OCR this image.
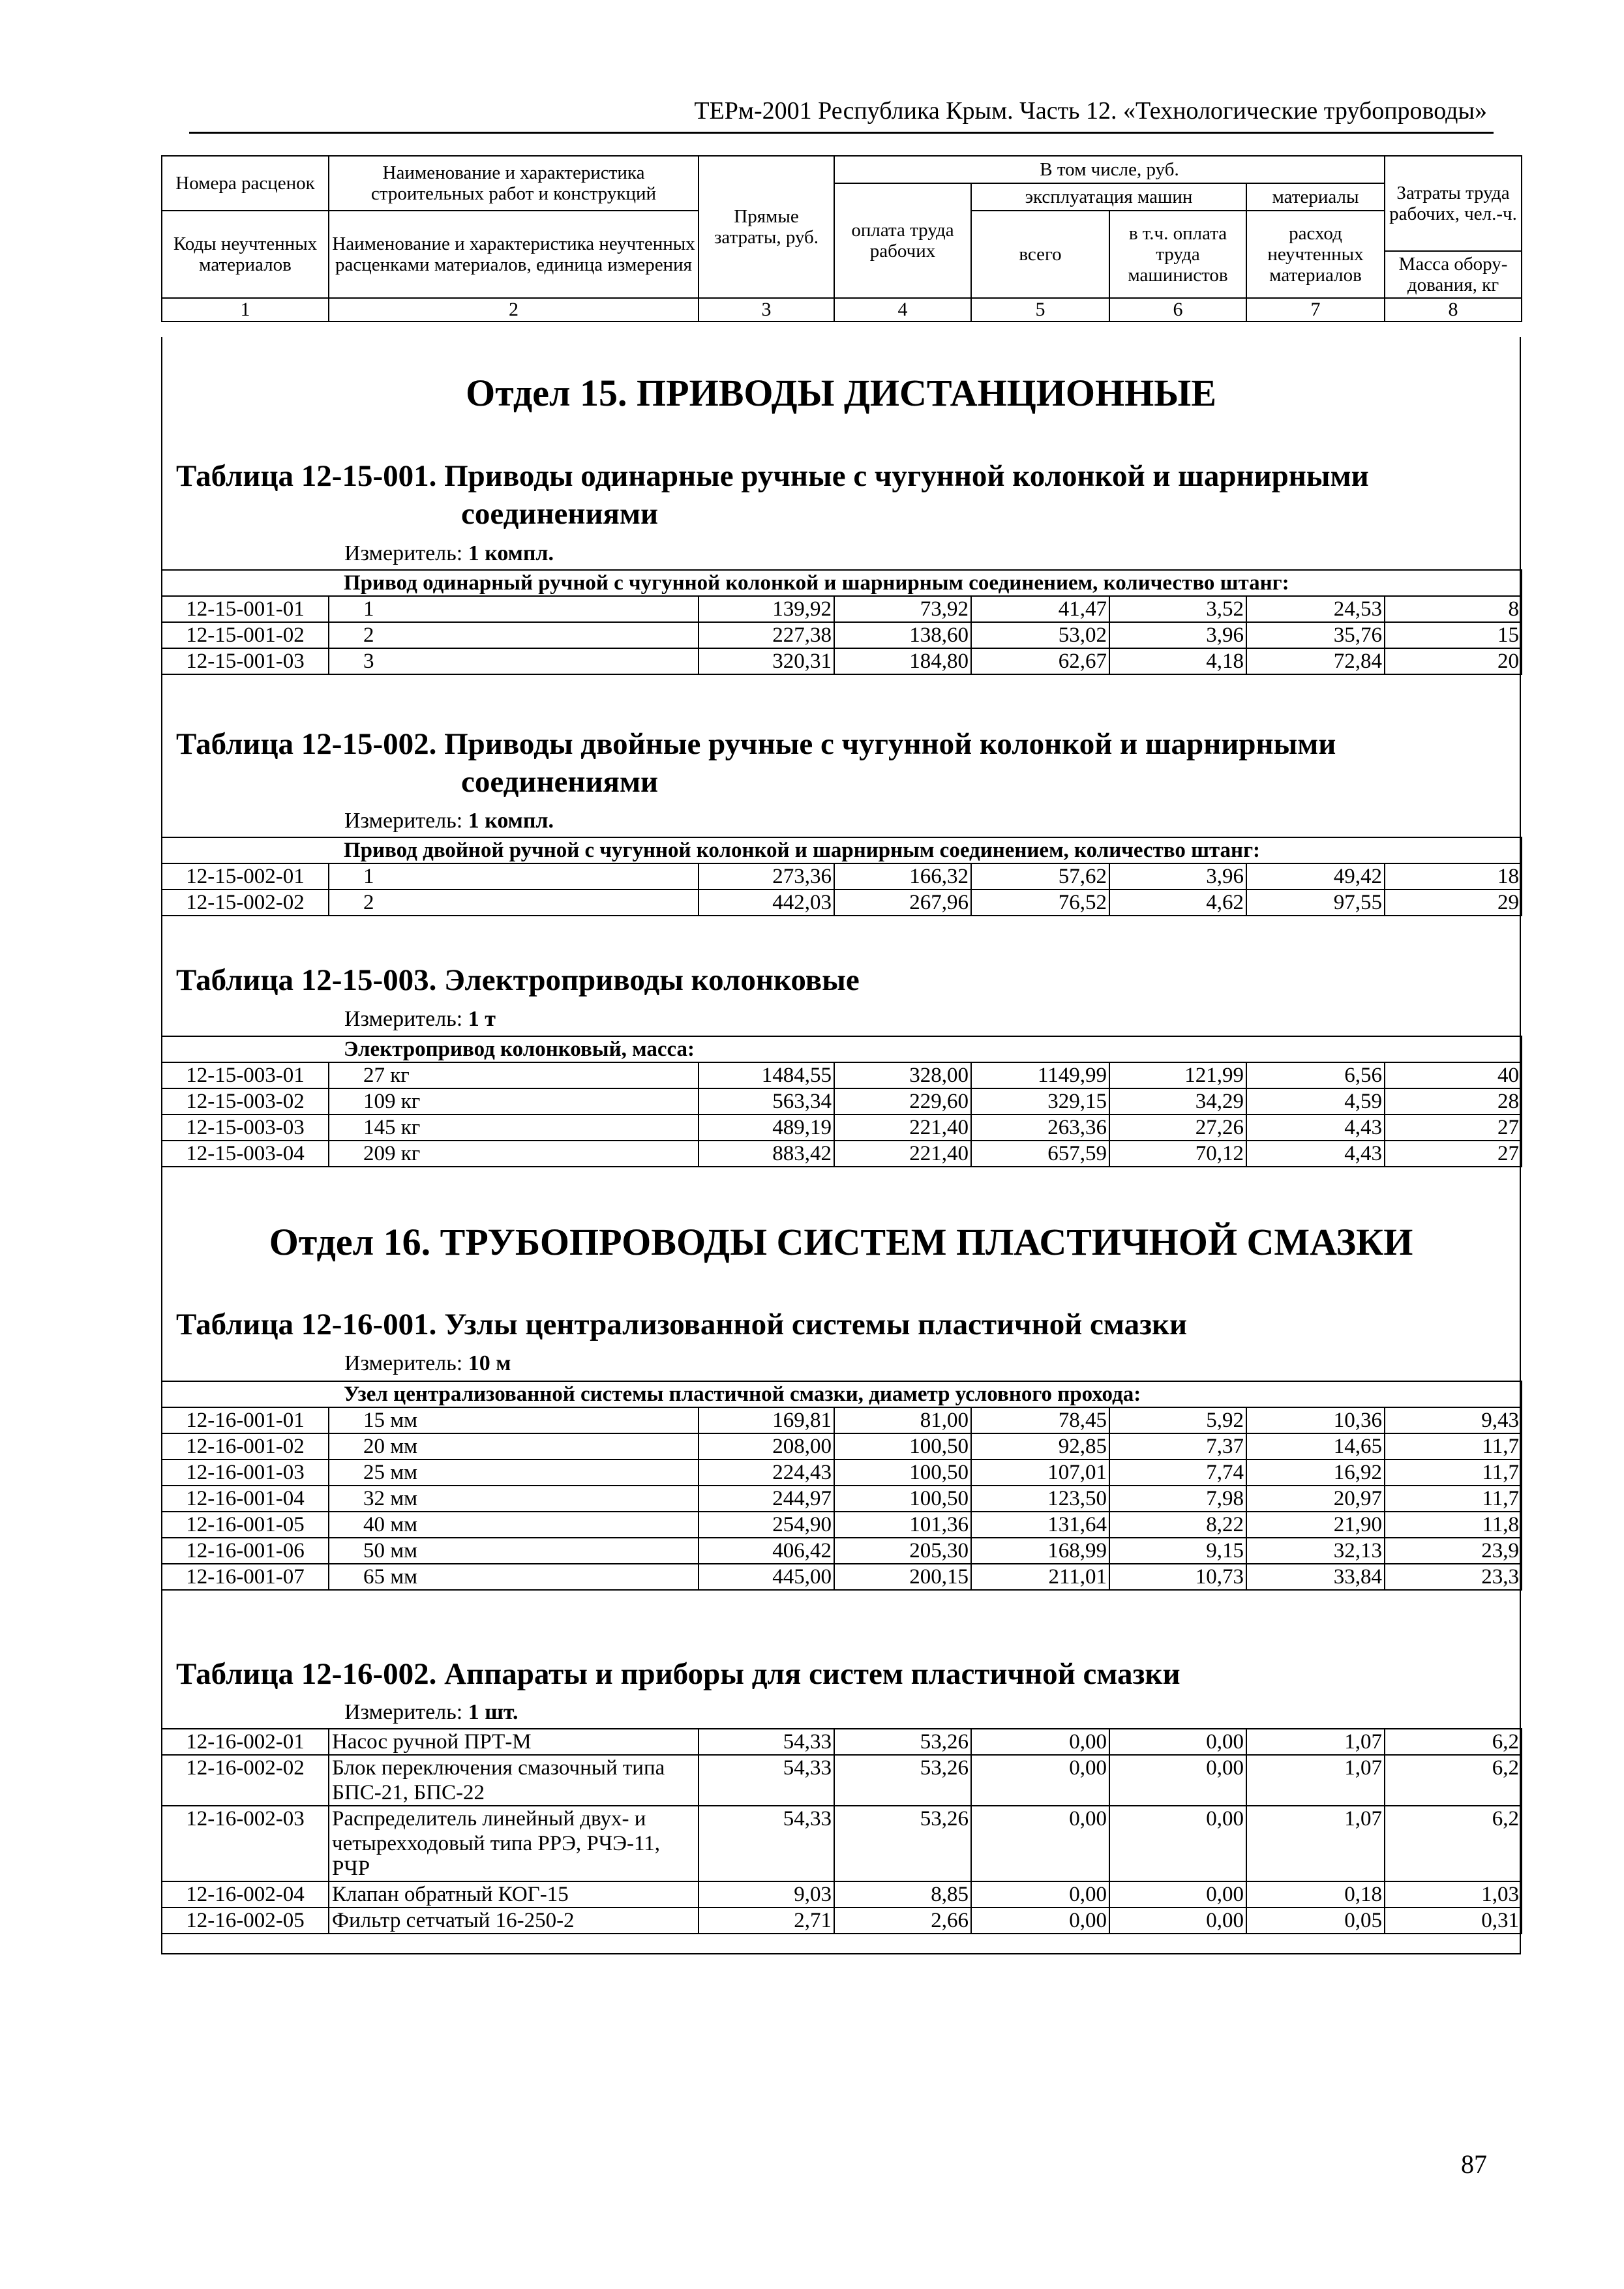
ТЕРм-2001 Республика Крым. Часть 12. «Технологические трубопроводы»
Номера расценок	Наименование и характеристика строительных работ и конструкций	Прямые затраты, руб.	В том числе, руб.				Затраты труда рабочих, чел.-ч.
			оплата труда рабочих	эксплуатация машин		материалы	
Коды неучтенных материалов	Наименование и характеристика неучтенных расценками материалов, единица измерения			всего	в т.ч. оплата труда машинистов	расход неучтенных материалов	
							Масса обору-дования, кг
1	2	3	4	5	6	7	8
Отдел 15. ПРИВОДЫ ДИСТАНЦИОННЫЕ
Таблица 12-15-001. Приводы одинарные ручные с чугунной колонкой и шарнирными
соединениями
Измеритель: 1 компл.
Привод одинарный ручной с чугунной колонкой и шарнирным соединением, количество штанг:							
12-15-001-01	1	139,92	73,92	41,47	3,52	24,53	8
12-15-001-02	2	227,38	138,60	53,02	3,96	35,76	15
12-15-001-03	3	320,31	184,80	62,67	4,18	72,84	20
Таблица 12-15-002. Приводы двойные ручные с чугунной колонкой и шарнирными
соединениями
Измеритель: 1 компл.
Привод двойной ручной с чугунной колонкой и шарнирным соединением, количество штанг:							
12-15-002-01	1	273,36	166,32	57,62	3,96	49,42	18
12-15-002-02	2	442,03	267,96	76,52	4,62	97,55	29
Таблица 12-15-003. Электроприводы колонковые
Измеритель: 1 т
Электропривод колонковый, масса:							
12-15-003-01	27 кг	1484,55	328,00	1149,99	121,99	6,56	40
12-15-003-02	109 кг	563,34	229,60	329,15	34,29	4,59	28
12-15-003-03	145 кг	489,19	221,40	263,36	27,26	4,43	27
12-15-003-04	209 кг	883,42	221,40	657,59	70,12	4,43	27
Отдел 16. ТРУБОПРОВОДЫ СИСТЕМ ПЛАСТИЧНОЙ СМАЗКИ
Таблица 12-16-001. Узлы централизованной системы пластичной смазки
Измеритель: 10 м
Узел централизованной системы пластичной смазки, диаметр условного прохода:							
12-16-001-01	15 мм	169,81	81,00	78,45	5,92	10,36	9,43
12-16-001-02	20 мм	208,00	100,50	92,85	7,37	14,65	11,7
12-16-001-03	25 мм	224,43	100,50	107,01	7,74	16,92	11,7
12-16-001-04	32 мм	244,97	100,50	123,50	7,98	20,97	11,7
12-16-001-05	40 мм	254,90	101,36	131,64	8,22	21,90	11,8
12-16-001-06	50 мм	406,42	205,30	168,99	9,15	32,13	23,9
12-16-001-07	65 мм	445,00	200,15	211,01	10,73	33,84	23,3
Таблица 12-16-002. Аппараты и приборы для систем пластичной смазки
Измеритель: 1 шт.
12-16-002-01	Насос ручной ПРТ-М	54,33	53,26	0,00	0,00	1,07	6,2
12-16-002-02	Блок переключения смазочный типа БПС-21, БПС-22	54,33	53,26	0,00	0,00	1,07	6,2
12-16-002-03	Распределитель линейный двух- и четырехходовый типа РРЭ, РЧЭ-11, РЧР	54,33	53,26	0,00	0,00	1,07	6,2
12-16-002-04	Клапан обратный КОГ-15	9,03	8,85	0,00	0,00	0,18	1,03
12-16-002-05	Фильтр сетчатый 16-250-2	2,71	2,66	0,00	0,00	0,05	0,31
87
